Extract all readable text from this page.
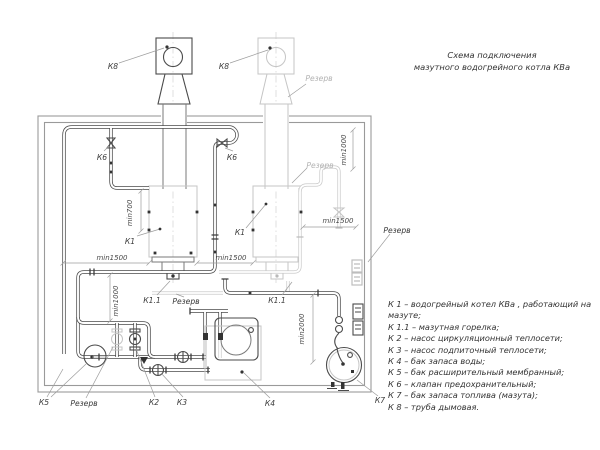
К8	К8
К6	К6
К1
К1
К1.1	К1.1
К2 К3	К4
К5	К7
Резерв
Резерв
Резерв
Резерв
Резерв
min700
min1500	min1500
min1500
min1000
min1000
min2000
Схема подключения
мазутного водогрейного котла КВа
К 1 – водогрейный котел КВа , работающий на мазуте;
К 1.1 – мазутная горелка;
К 2 – насос циркуляционный теплосети;
К 3 – насос подпиточный теплосети;
К 4 – бак запаса воды;
К 5 – бак расширительный мембранный;
К 6 – клапан предохранительный;
К 7 – бак запаса топлива (мазута);
К 8 – труба дымовая.
